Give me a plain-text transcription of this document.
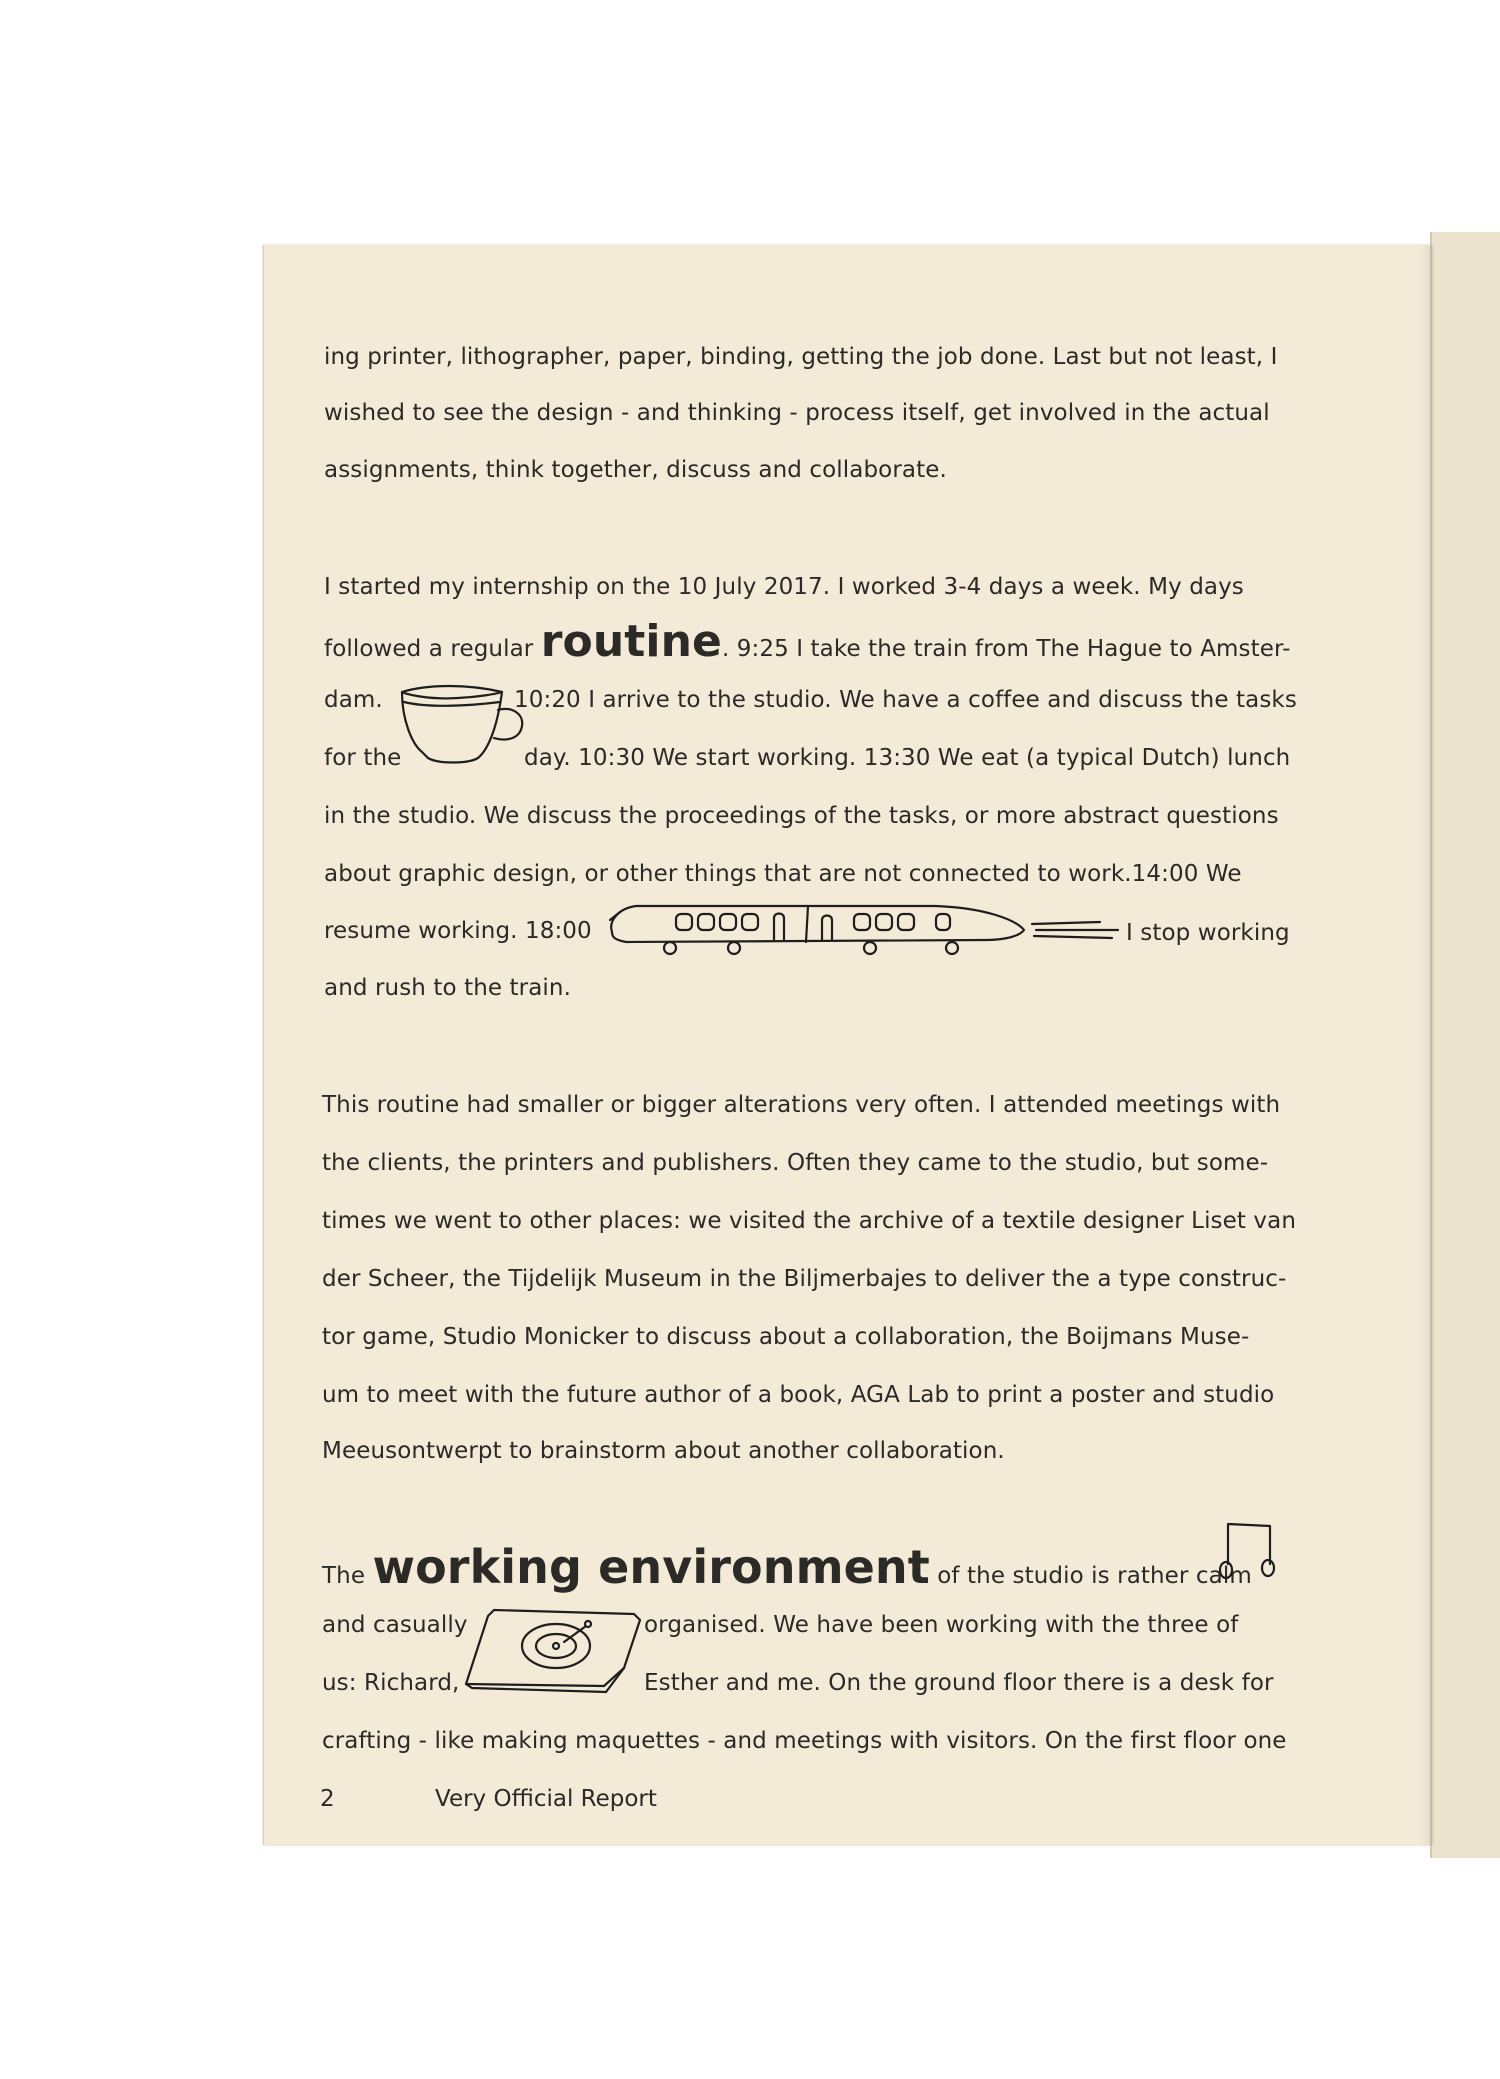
ing printer, lithographer, paper, binding, getting the job done. Last but not least, I
wished to see the design - and thinking - process itself, get involved in the actual
assignments, think together, discuss and collaborate.
I started my internship on the 10 July 2017. I worked 3-4 days a week. My days
followed a regular routine. 9:25 I take the train from The Hague to Amster-
dam.	10:20 I arrive to the studio. We have a coffee and discuss the tasks
for the	day. 10:30 We start working. 13:30 We eat (a typical Dutch) lunch
in the studio. We discuss the proceedings of the tasks, or more abstract questions
about graphic design, or other things that are not connected to work.14:00 We
resume working. 18:00	I stop working
and rush to the train.
This routine had smaller or bigger alterations very often. I attended meetings with
the clients, the printers and publishers. Often they came to the studio, but some-
times we went to other places: we visited the archive of a textile designer Liset van
der Scheer, the Tijdelijk Museum in the Biljmerbajes to deliver the a type construc-
tor game, Studio Monicker to discuss about a collaboration, the Boijmans Muse-
um to meet with the future author of a book, AGA Lab to print a poster and studio
Meeusontwerpt to brainstorm about another collaboration.
The working environment of the studio is rather calm
and casually	organised. We have been working with the three of
us: Richard,	Esther and me. On the ground floor there is a desk for
crafting - like making maquettes - and meetings with visitors. On the first floor one
2	Very Official Report
